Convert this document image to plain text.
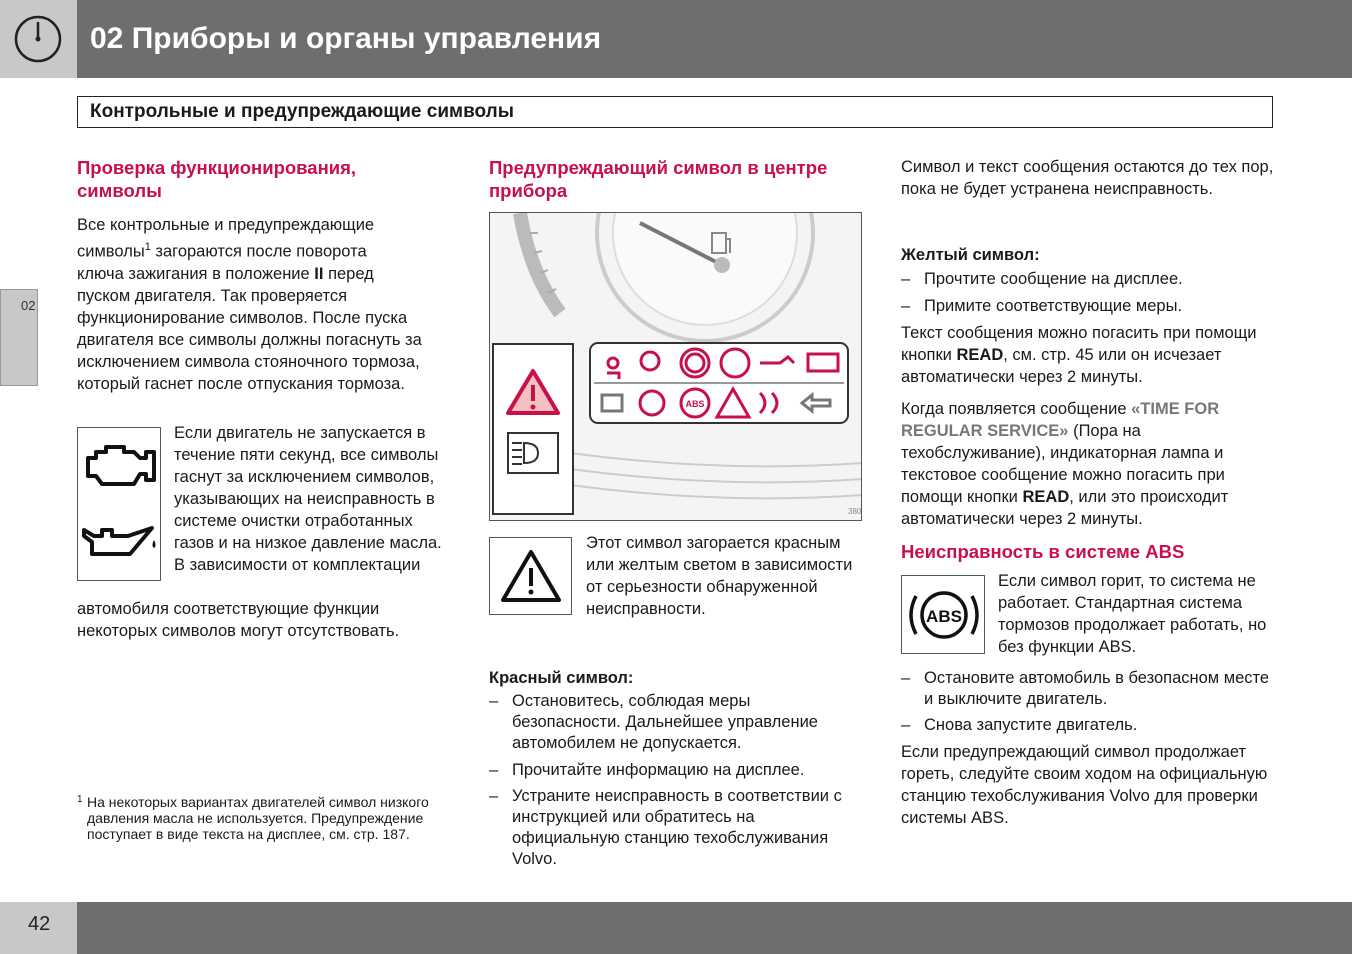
02 Приборы и органы управления
Контрольные и предупреждающие символы
02
Проверка функционирования, символы
Все контрольные и предупреждающие
символы$^1$ загораются после поворота
ключа зажигания в положение II перед
пуском двигателя. Так проверяется функционирование символов. После пуска двигателя все символы должны погаснуть за исключением символа стояночного тормоза, который гаснет после отпускания тормоза.
Если двигатель не запускается в течение пяти секунд, все символы гаснут за исключением символов, указывающих на неисправность в системе очистки отработанных газов и на низкое давление масла. В зависимости от комплектации
автомобиля соответствующие функции некоторых символов могут отсутствовать.
1 На некоторых вариантах двигателей символ низкого давления масла не используется. Предупреждение поступает в виде текста на дисплее, см. стр. 187.
Предупреждающий символ в центре прибора
ABS
380
Этот символ загорается красным или желтым светом в зависимости от серьезности обнаруженной неисправности.
Красный символ:
– Остановитесь, соблюдая меры безопасности. Дальнейшее управление автомобилем не допускается.
– Прочитайте информацию на дисплее.
– Устраните неисправность в соответствии с инструкцией или обратитесь на официальную станцию техобслуживания Volvo.
Символ и текст сообщения остаются до тех пор, пока не будет устранена неисправность.
Желтый символ:
– Прочтите сообщение на дисплее.
– Примите соответствующие меры.
Текст сообщения можно погасить при помощи кнопки READ, см. стр. 45 или он исчезает автоматически через 2 минуты.
Когда появляется сообщение «TIME FOR REGULAR SERVICE» (Пора на техобслуживание), индикаторная лампа и текстовое сообщение можно погасить при помощи кнопки READ, или это происходит автоматически через 2 минуты.
Неисправность в системе ABS
ABS
Если символ горит, то система не работает. Стандартная система тормозов продолжает работать, но без функции ABS.
– Остановите автомобиль в безопасном месте и выключите двигатель.
– Снова запустите двигатель.
Если предупреждающий символ продолжает гореть, следуйте своим ходом на официальную станцию техобслуживания Volvo для проверки системы ABS.
42
